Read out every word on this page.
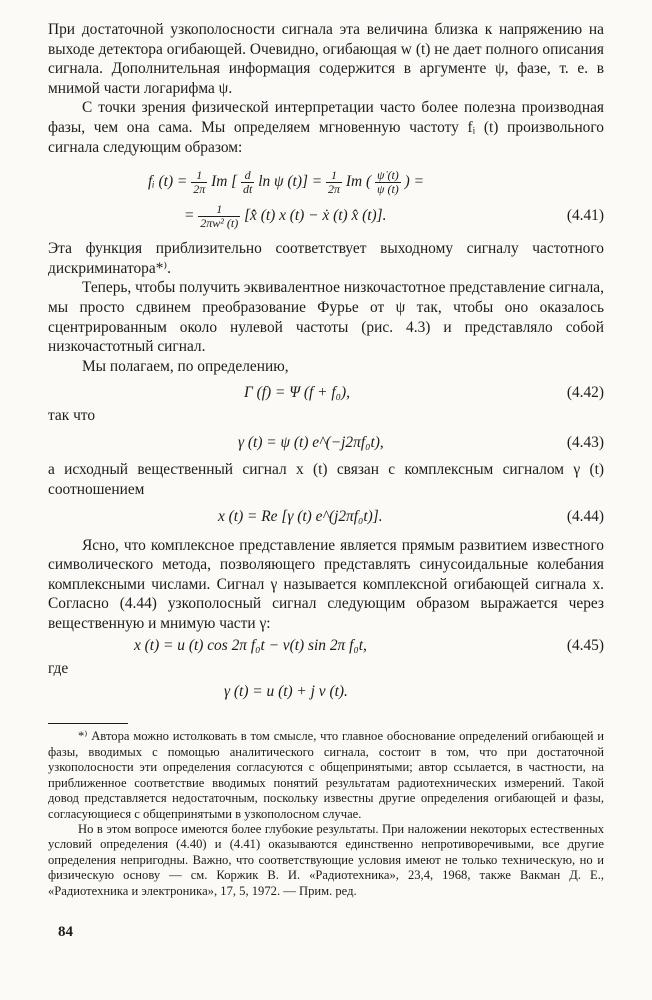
При достаточной узкополосности сигнала эта величина близка к напряжению на выходе детектора огибающей. Очевидно, огибающая w (t) не дает полного описания сигнала. Дополнительная информация содержится в аргументе ψ, фазе, т. е. в мнимой части логарифма ψ.

С точки зрения физической интерпретации часто более полезна производная фазы, чем она сама. Мы определяем мгновенную частоту fᵢ (t) произвольного сигнала следующим образом:

fᵢ $(t) = \frac{1}{2\pi}$ Im [ $\frac{d}{dt}$ ln ψ $(t)] = \frac{1}{2\pi}$ Im ( $\frac{\psi̇ (t)}{\psi (t)}$ ) =
= $\frac{1}{\text{2πw² (t)}}$ [x̂̇ (t) x (t) − ẋ (t) x̂ (t)].	(4.41)

Эта функция приблизительно соответствует выходному сигналу частотного дискриминатора*⁾.

Теперь, чтобы получить эквивалентное низкочастотное представление сигнала, мы просто сдвинем преобразование Фурье от ψ так, чтобы оно оказалось сцентрированным около нулевой частоты (рис. 4.3) и представляло собой низкочастотный сигнал.

Мы полагаем, по определению,

Γ (f) = Ψ (f + f₀),	(4.42)
так что
γ (t) = ψ (t) e^(−j2πf₀t),	(4.43)

а исходный вещественный сигнал x (t) связан с комплексным сигналом γ (t) соотношением

x (t) = Re [γ (t) e^(j2πf₀t)].	(4.44)

Ясно, что комплексное представление является прямым развитием известного символического метода, позволяющего представлять синусоидальные колебания комплексными числами. Сигнал γ называется комплексной огибающей сигнала x. Согласно (4.44) узкополосный сигнал следующим образом выражается через вещественную и мнимую части γ:

x (t) = u (t) cos 2π f₀t − v(t) sin 2π f₀t,	(4.45)
где
γ (t) = u (t) + j v (t).

*⁾ Автора можно истолковать в том смысле, что главное обоснование определений огибающей и фазы, вводимых с помощью аналитического сигнала, состоит в том, что при достаточной узкополосности эти определения согласуются с общепринятыми; автор ссылается, в частности, на приближенное соответствие вводимых понятий результатам радиотехнических измерений. Такой довод представляется недостаточным, поскольку известны другие определения огибающей и фазы, согласующиеся с общепринятыми в узкополосном случае.

Но в этом вопросе имеются более глубокие результаты. При наложении некоторых естественных условий определения (4.40) и (4.41) оказываются единственно непротиворечивыми, все другие определения непригодны. Важно, что соответствующие условия имеют не только техническую, но и физическую основу — см. Коржик В. И. «Радиотехника», 23,4, 1968, также Вакман Д. Е., «Радиотехника и электроника», 17, 5, 1972. — Прим. ред.

84
